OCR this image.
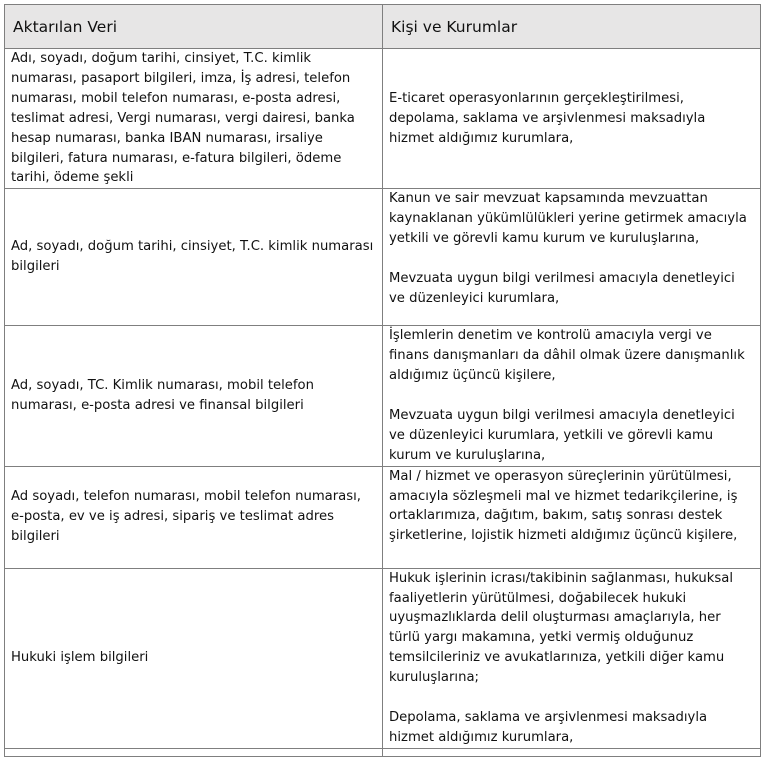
Aktarılan Veri	Kişi ve Kurumlar
Adı, soyadı, doğum tarihi, cinsiyet, T.C. kimlik numarası, pasaport bilgileri, imza, İş adresi, telefon numarası, mobil telefon numarası, e-posta adresi, teslimat adresi, Vergi numarası, vergi dairesi, banka hesap numarası, banka IBAN numarası, irsaliye bilgileri, fatura numarası, e-fatura bilgileri, ödeme tarihi, ödeme şekli	E-ticaret operasyonlarının gerçekleştirilmesi, depolama, saklama ve arşivlenmesi maksadıyla hizmet aldığımız kurumlara,

Ad, soyadı, doğum tarihi, cinsiyet, T.C. kimlik numarası bilgileri	Kanun ve sair mevzuat kapsamında mevzuattan kaynaklanan yükümlülükleri yerine getirmek amacıyla yetkili ve görevli kamu kurum ve kuruluşlarına,
Mevzuata uygun bilgi verilmesi amacıyla denetleyici ve düzenleyici kurumlara,

Ad, soyadı, TC. Kimlik numarası, mobil telefon numarası, e-posta adresi ve finansal bilgileri	İşlemlerin denetim ve kontrolü amacıyla vergi ve finans danışmanları da dâhil olmak üzere danışmanlık aldığımız üçüncü kişilere,
Mevzuata uygun bilgi verilmesi amacıyla denetleyici ve düzenleyici kurumlara, yetkili ve görevli kamu kurum ve kuruluşlarına,

Ad soyadı, telefon numarası, mobil telefon numarası, e-posta, ev ve iş adresi, sipariş ve teslimat adres bilgileri	Mal / hizmet ve operasyon süreçlerinin yürütülmesi, amacıyla sözleşmeli mal ve hizmet tedarikçilerine, iş ortaklarımıza, dağıtım, bakım, satış sonrası destek şirketlerine, lojistik hizmeti aldığımız üçüncü kişilere,

Hukuki işlem bilgileri	Hukuk işlerinin icrası/takibinin sağlanması, hukuksal faaliyetlerin yürütülmesi, doğabilecek hukuki uyuşmazlıklarda delil oluşturması amaçlarıyla, her türlü yargı makamına, yetki vermiş olduğunuz temsilcileriniz ve avukatlarınıza, yetkili diğer kamu kuruluşlarına;
Depolama, saklama ve arşivlenmesi maksadıyla hizmet aldığımız kurumlara,
